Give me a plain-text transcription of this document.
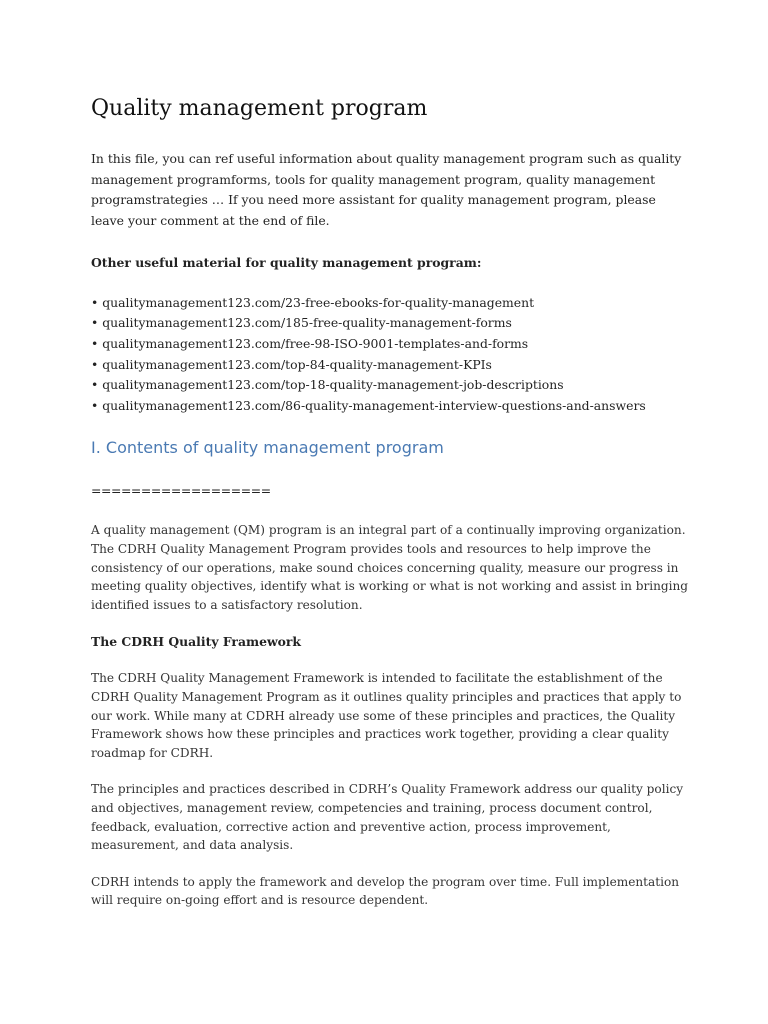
Quality management program

In this file, you can ref useful information about quality management program such as quality management programforms, tools for quality management program, quality management programstrategies … If you need more assistant for quality management program, please leave your comment at the end of file.

Other useful material for quality management program:

• qualitymanagement123.com/23-free-ebooks-for-quality-management
• qualitymanagement123.com/185-free-quality-management-forms
• qualitymanagement123.com/free-98-ISO-9001-templates-and-forms
• qualitymanagement123.com/top-84-quality-management-KPIs
• qualitymanagement123.com/top-18-quality-management-job-descriptions
• qualitymanagement123.com/86-quality-management-interview-questions-and-answers
I. Contents of quality management program
==================

A quality management (QM) program is an integral part of a continually improving organization. The CDRH Quality Management Program provides tools and resources to help improve the consistency of our operations, make sound choices concerning quality, measure our progress in meeting quality objectives, identify what is working or what is not working and assist in bringing identified issues to a satisfactory resolution.

The CDRH Quality Framework

The CDRH Quality Management Framework is intended to facilitate the establishment of the CDRH Quality Management Program as it outlines quality principles and practices that apply to our work. While many at CDRH already use some of these principles and practices, the Quality Framework shows how these principles and practices work together, providing a clear quality roadmap for CDRH.

The principles and practices described in CDRH’s Quality Framework address our quality policy and objectives, management review, competencies and training, process document control, feedback, evaluation, corrective action and preventive action, process improvement, measurement, and data analysis.

CDRH intends to apply the framework and develop the program over time. Full implementation will require on-going effort and is resource dependent.
